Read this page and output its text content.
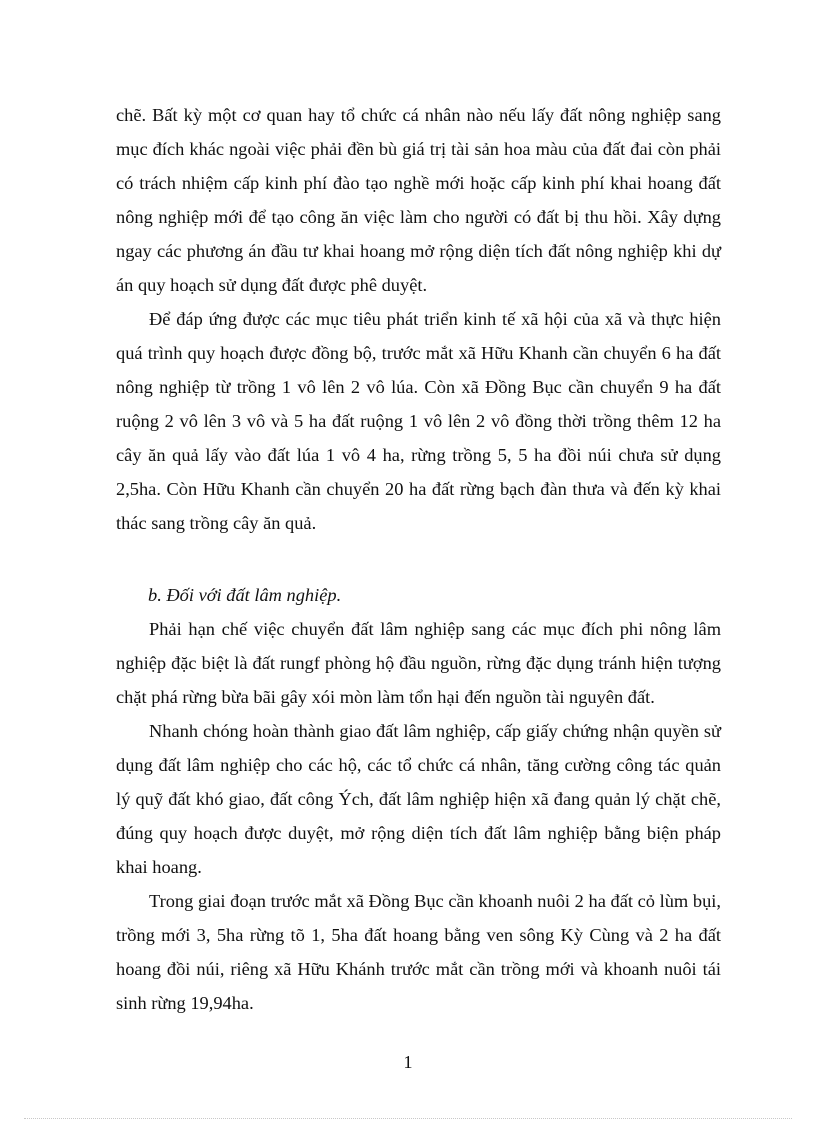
chẽ. Bất kỳ một cơ quan hay tổ chức cá nhân nào nếu lấy đất nông nghiệp sang mục đích khác ngoài việc phải đền bù giá trị tài sản hoa màu của đất đai còn phải có trách nhiệm cấp kinh phí đào tạo nghề mới hoặc cấp kinh phí khai hoang đất nông nghiệp mới để tạo công ăn việc làm cho người có đất bị thu hồi. Xây dựng ngay các phương án đầu tư khai hoang mở rộng diện tích đất nông nghiệp khi dự án quy hoạch sử dụng đất được phê duyệt.

Để đáp ứng được các mục tiêu phát triển kinh tế xã hội của xã và thực hiện quá trình quy hoạch được đồng bộ, trước mắt xã Hữu Khanh cần chuyển 6 ha đất nông nghiệp từ trồng 1 vô lên 2 vô lúa. Còn xã Đồng Bục cần chuyển 9 ha đất ruộng 2 vô lên 3 vô và 5 ha đất ruộng 1 vô lên 2 vô đồng thời trồng thêm 12 ha cây ăn quả lấy vào đất lúa 1 vô 4 ha, rừng trồng 5, 5 ha đồi núi chưa sử dụng 2,5ha. Còn Hữu Khanh cần chuyển 20 ha đất rừng bạch đàn thưa và đến kỳ khai thác sang trồng cây ăn quả.

b. Đối với đất lâm nghiệp.

Phải hạn chế việc chuyển đất lâm nghiệp sang các mục đích phi nông lâm nghiệp đặc biệt là đất rungf phòng hộ đầu nguồn, rừng đặc dụng tránh hiện tượng chặt phá rừng bừa bãi gây xói mòn làm tổn hại đến nguồn tài nguyên đất.

Nhanh chóng hoàn thành giao đất lâm nghiệp, cấp giấy chứng nhận quyền sử dụng đất lâm nghiệp cho các hộ, các tổ chức cá nhân, tăng cường công tác quản lý quỹ đất khó giao, đất công Ých, đất lâm nghiệp hiện xã đang quản lý chặt chẽ, đúng quy hoạch được duyệt, mở rộng diện tích đất lâm nghiệp bằng biện pháp khai hoang.

Trong giai đoạn trước mắt xã Đồng Bục cần khoanh nuôi 2 ha đất cỏ lùm bụi, trồng mới 3, 5ha rừng tõ 1, 5ha đất hoang bằng ven sông Kỳ Cùng và 2 ha đất hoang đồi núi, riêng xã Hữu Khánh trước mắt cần trồng mới và khoanh nuôi tái sinh rừng 19,94ha.

1
